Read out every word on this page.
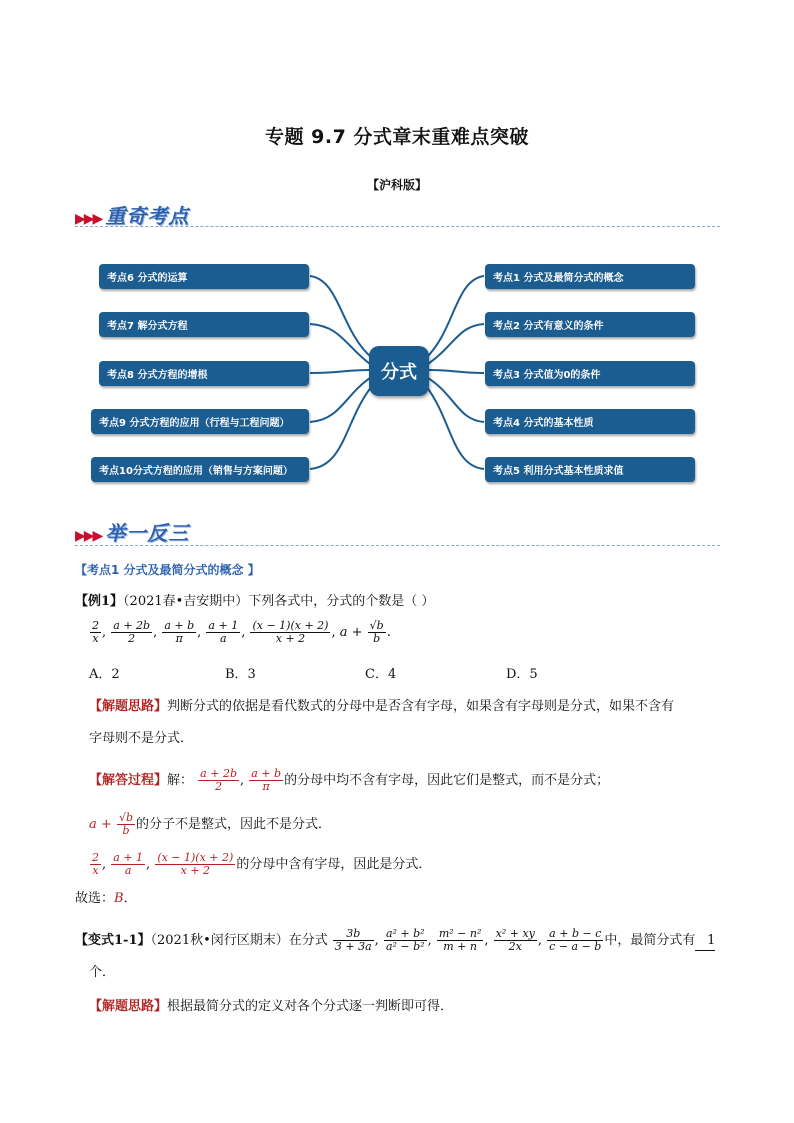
专题 9.7 分式章末重难点突破
【沪科版】
▶▶▶ 重奇考点
考点6 分式的运算
考点7 解分式方程
考点8 分式方程的增根
考点9 分式方程的应用（行程与工程问题）
考点10分式方程的应用（销售与方案问题）
分式
考点1 分式及最简分式的概念
考点2 分式有意义的条件
考点3 分式值为0的条件
考点4 分式的基本性质
考点5 利用分式基本性质求值
▶▶▶ 举一反三
【考点1 分式及最简分式的概念 】
【例1】（2021春•吉安期中）下列各式中，分式的个数是（ ）
$\frac{2}{x}$ , $\frac{a + 2b}{2}$ , $\frac{a + b}{\pi}$ , $\frac{a + 1}{a}$ , $\frac{(x - 1)(x + 2)}{x + 2}$ , $a + \frac{√b}{b}$ .
A．2	B．3	C．4	D．5
【解题思路】判断分式的依据是看代数式的分母中是否含有字母，如果含有字母则是分式，如果不含有
字母则不是分式．
【解答过程】解： $\frac{a + 2b}{2}$ , $\frac{a + b}{\pi}$ 的分母中均不含有字母，因此它们是整式，而不是分式；
$a + \frac{√b}{b}$ 的分子不是整式，因此不是分式．
$\frac{2}{x}$ , $\frac{a + 1}{a}$ , $\frac{(x - 1)(x + 2)}{x + 2}$ 的分母中含有字母，因此是分式．
故选：B．
【变式1-1】（2021秋•闵行区期末）在分式 $\frac{3b}{3 + 3a}$ , $\frac{\text{a² + b²}}{\text{a² − b²}}$ , $\frac{\text{m² − n²}}{m + n}$ , $\frac{\text{x² + xy}}{2x}$ , $\frac{a + b - c}{c - a - b}$ 中，最简分式有 1
个．
【解题思路】根据最简分式的定义对各个分式逐一判断即可得．
